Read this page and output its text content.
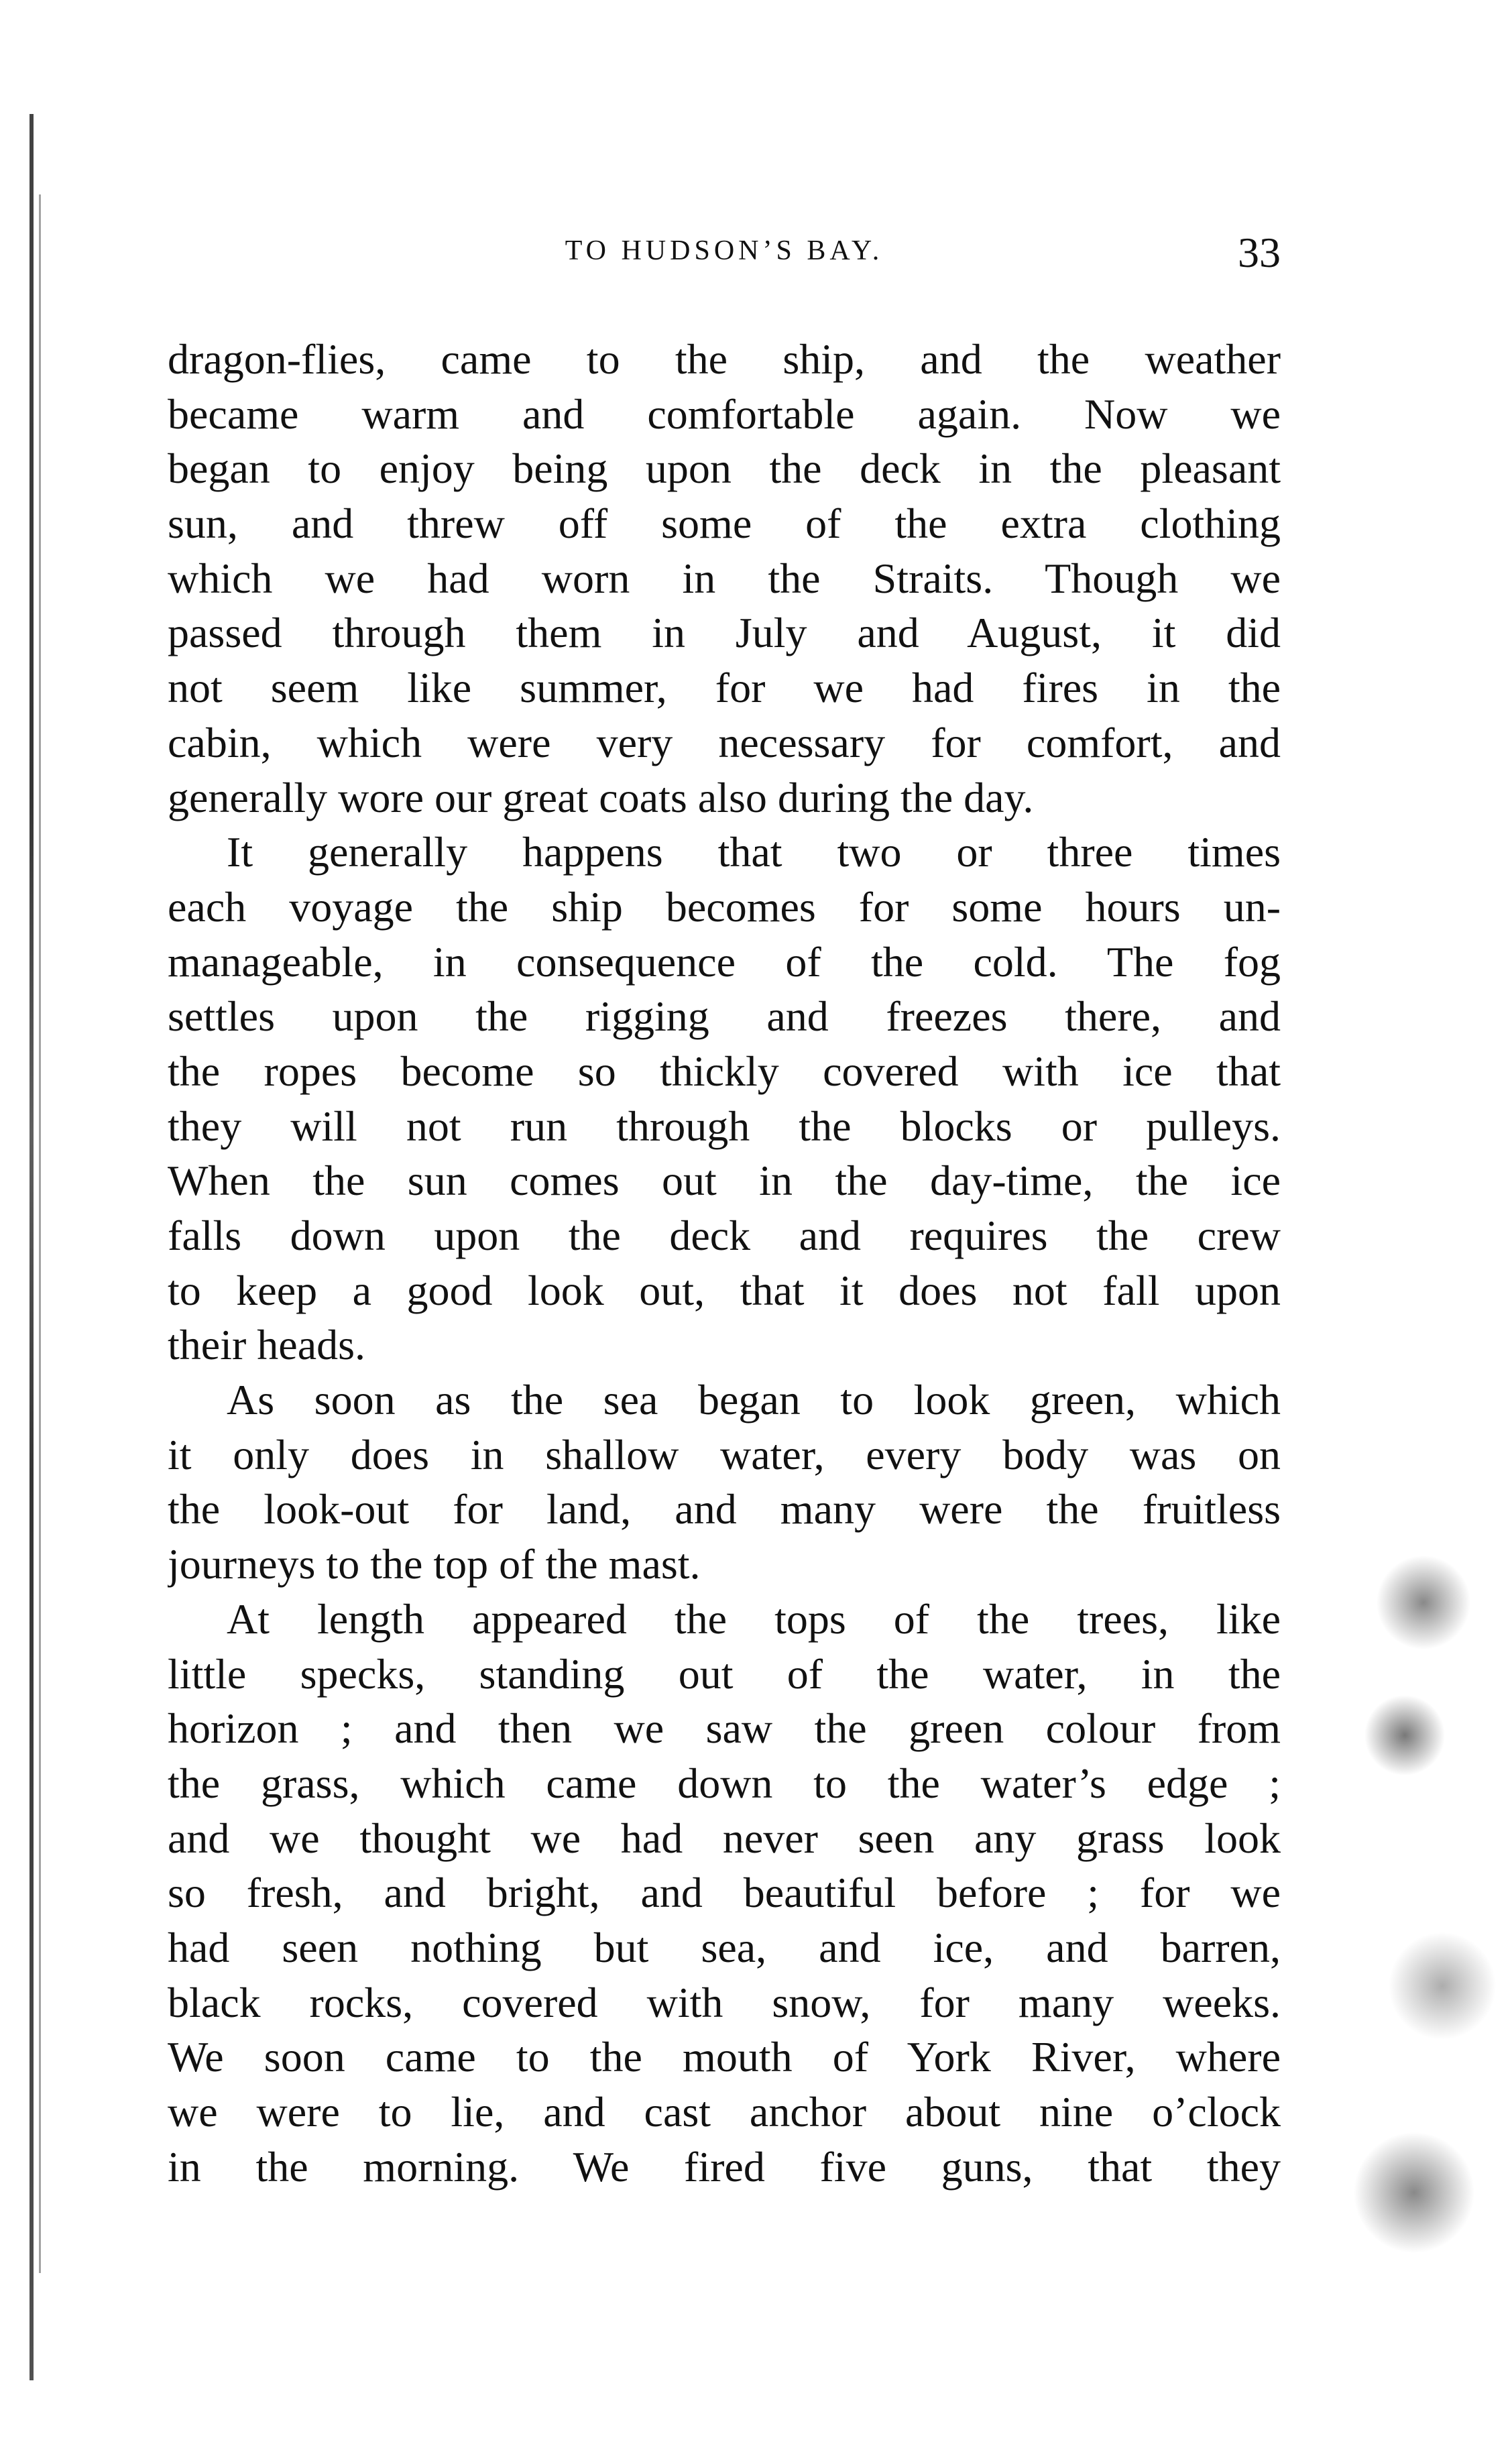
TO HUDSON’S BAY.	33
dragon-flies, came to the ship, and the weather
became warm and comfortable again. Now we
began to enjoy being upon the deck in the pleasant
sun, and threw off some of the extra clothing
which we had worn in the Straits. Though we
passed through them in July and August, it did
not seem like summer, for we had fires in the
cabin, which were very necessary for comfort, and
generally wore our great coats also during the day.
It generally happens that two or three times
each voyage the ship becomes for some hours un-
manageable, in consequence of the cold. The fog
settles upon the rigging and freezes there, and
the ropes become so thickly covered with ice that
they will not run through the blocks or pulleys.
When the sun comes out in the day-time, the ice
falls down upon the deck and requires the crew
to keep a good look out, that it does not fall upon
their heads.
As soon as the sea began to look green, which
it only does in shallow water, every body was on
the look-out for land, and many were the fruitless
journeys to the top of the mast.
At length appeared the tops of the trees, like
little specks, standing out of the water, in the
horizon ; and then we saw the green colour from
the grass, which came down to the water’s edge ;
and we thought we had never seen any grass look
so fresh, and bright, and beautiful before ; for we
had seen nothing but sea, and ice, and barren,
black rocks, covered with snow, for many weeks.
We soon came to the mouth of York River, where
we were to lie, and cast anchor about nine o’clock
in the morning. We fired five guns, that they
